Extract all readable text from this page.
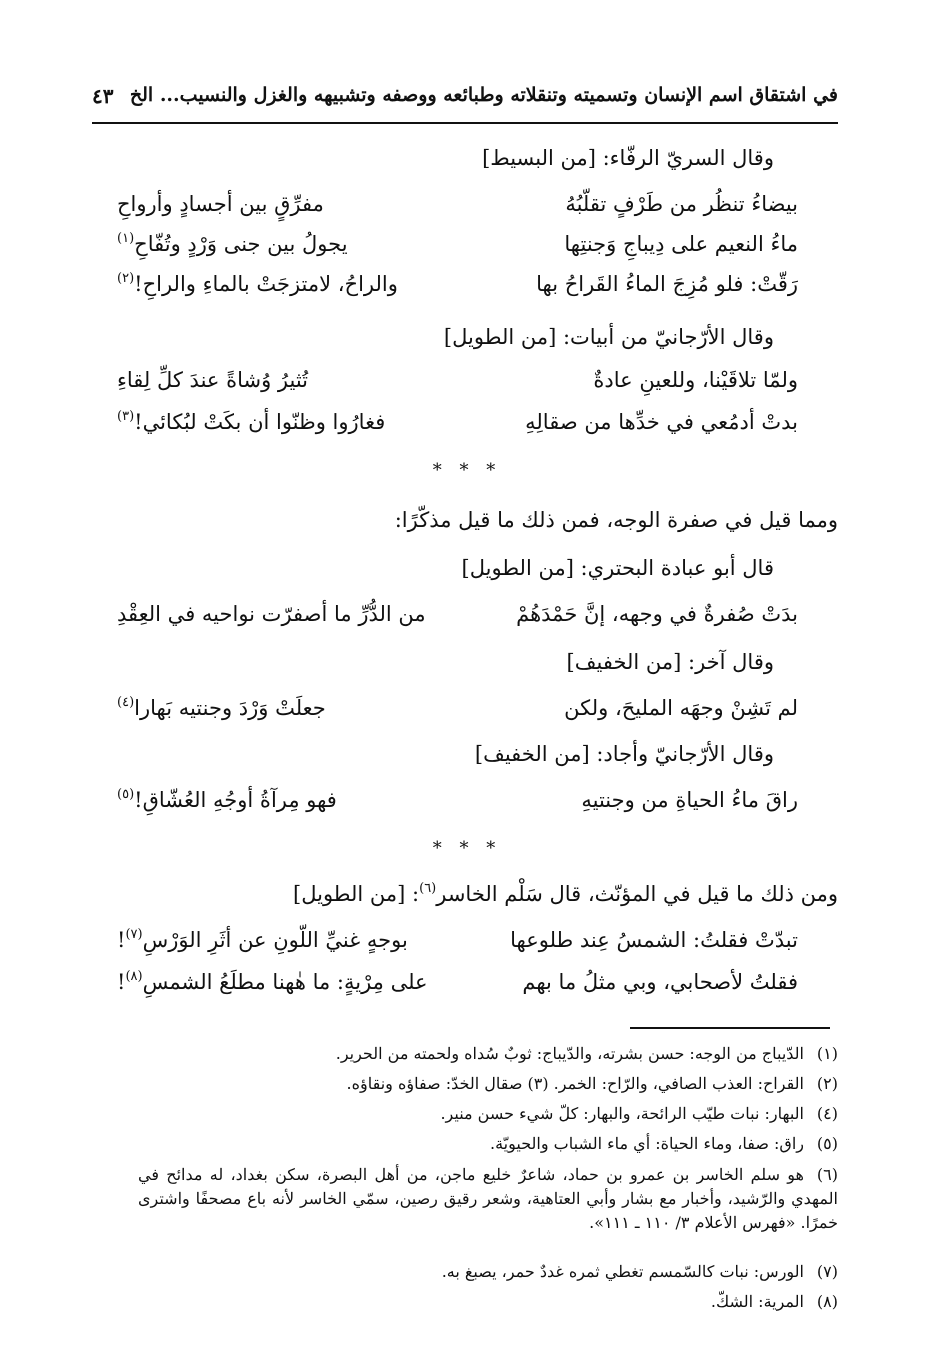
في اشتقاق اسم الإنسان وتسميته وتنقلاته وطبائعه ووصفه وتشبيهه والغزل والنسيب... الخ
٤٣
وقال السريّ الرفّاء: [من البسيط]
بيضاءُ تنظُر من طَرْفٍ تقلّبُهُ
مفرِّقٍ بين أجسادٍ وأرواحِ
ماءُ النعيم على دِيباجِ وَجنتِها
يجولُ بين جنى وَرْدٍ وتُفّاحِ$^{(١)}$
رَقّتْ: فلو مُزِجَ الماءُ القَراحُ بها
والراحُ، لامتزجَتْ بالماءِ والراحِ!$^{(٢)}$
وقال الأرّجانيّ من أبيات: [من الطويل]
ولمّا تلاقَيْنا، وللعينِ عادةٌ
تُثيرُ وُشاةً عندَ كلِّ لِقاءِ
بدتْ أدمُعي في خدِّها من صقالِهِ
فغارُوا وظنّوا أن بكَتْ لبُكائي!$^{(٣)}$
* * *
ومما قيل في صفرة الوجه، فمن ذلك ما قيل مذكّرًا:
قال أبو عبادة البحتري: [من الطويل]
بدَتْ صُفرةٌ في وجهه، إنَّ حَمْدَهُمْ
من الدُّرِّ ما أصفرّت نواحيه في العِقْدِ
وقال آخر: [من الخفيف]
لم تَشِنْ وجهَه المليحَ، ولكن
جعلَتْ وَرْدَ وجنتيه بَهارا$^{(٤)}$
وقال الأرّجانيّ وأجاد: [من الخفيف]
راقَ ماءُ الحياةِ من وجنتيهِ
فهو مِرآةُ أوجُهِ العُشّاقِ!$^{(٥)}$
* * *
ومن ذلك ما قيل في المؤنّث، قال سَلْم الخاسر$^{(٦)}$: [من الطويل]
تبدّتْ فقلتُ: الشمسُ عِند طلوعها
بوجهٍ غنيِّ اللّونِ عن أثَرِ الوَرْسِ$^{(٧)}$!
فقلتُ لأصحابي، وبي مثلُ ما بهم
على مِرْيةٍ: ما هٰهنا مطلَعُ الشمسِ$^{(٨)}$!
(١)الدّيباج من الوجه: حسن بشرته، والدّيباج: ثوبٌ سُداه ولحمته من الحرير.
(٢)القراح: العذب الصافي، والرّاح: الخمر. (٣) صقال الخدّ: صفاؤه ونقاؤه.
(٤)البهار: نبات طيّب الرائحة، والبهار: كلّ شيء حسن منير.
(٥)راق: صفا، وماء الحياة: أي ماء الشباب والحيويّة.
(٦)هو سلم الخاسر بن عمرو بن حماد، شاعرٌ خليع ماجن، من أهل البصرة، سكن بغداد، له مدائح في المهدي والرّشيد، وأخبار مع بشار وأبي العتاهية، وشعر رقيق رصين، سمّي الخاسر لأنه باع مصحفًا واشترى خمرًا. «فهرس الأعلام ٣/ ١١٠ ـ ١١١».
(٧)الورس: نبات كالسّمسم تغطي ثمره غددٌ حمر، يصبغ به.
(٨)المرية: الشكّ.
